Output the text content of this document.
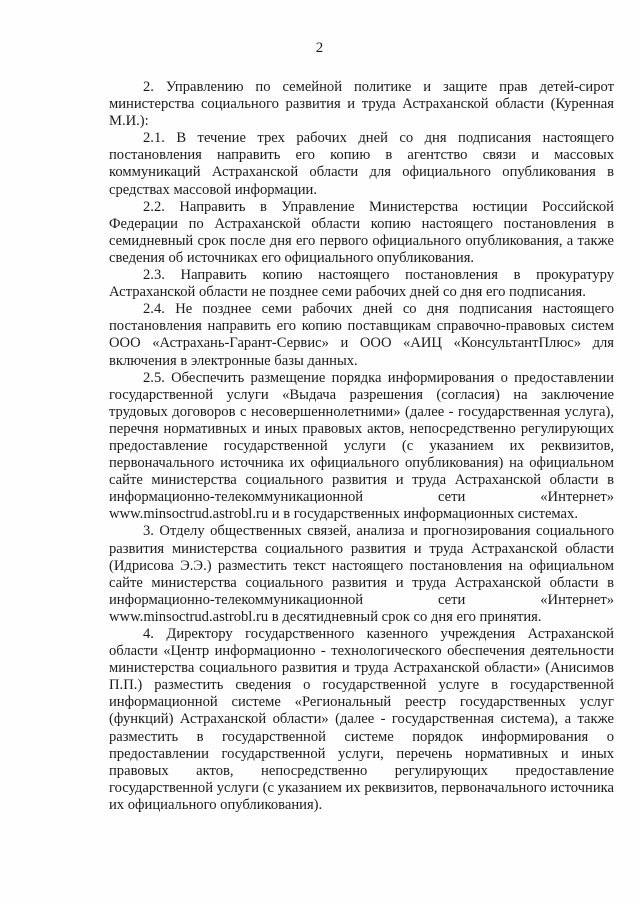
2

2. Управлению по семейной политике и защите прав детей-сирот министерства социального развития и труда Астраханской области (Куренная М.И.):

2.1. В течение трех рабочих дней со дня подписания настоящего постановления направить его копию в агентство связи и массовых коммуникаций Астраханской области для официального опубликования в средствах массовой информации.

2.2. Направить в Управление Министерства юстиции Российской Федерации по Астраханской области копию настоящего постановления в семидневный срок после дня его первого официального опубликования, а также сведения об источниках его официального опубликования.

2.3. Направить копию настоящего постановления в прокуратуру Астраханской области не позднее семи рабочих дней со дня его подписания.

2.4. Не позднее семи рабочих дней со дня подписания настоящего постановления направить его копию поставщикам справочно-правовых систем ООО «Астрахань-Гарант-Сервис» и ООО «АИЦ «КонсультантПлюс» для включения в электронные базы данных.

2.5. Обеспечить размещение порядка информирования о предоставлении государственной услуги «Выдача разрешения (согласия) на заключение трудовых договоров с несовершеннолетними» (далее - государственная услуга), перечня нормативных и иных правовых актов, непосредственно регулирующих предоставление государственной услуги (с указанием их реквизитов, первоначального источника их официального опубликования) на официальном сайте министерства социального развития и труда Астраханской области в информационно-телекоммуникационной сети «Интернет» www.minsoctrud.astrobl.ru и в государственных информационных системах.

3. Отделу общественных связей, анализа и прогнозирования социального развития министерства социального развития и труда Астраханской области (Идрисова Э.Э.) разместить текст настоящего постановления на официальном сайте министерства социального развития и труда Астраханской области в информационно-телекоммуникационной сети «Интернет» www.minsoctrud.astrobl.ru в десятидневный срок со дня его принятия.

4. Директору государственного казенного учреждения Астраханской области «Центр информационно - технологического обеспечения деятельности министерства социального развития и труда Астраханской области» (Анисимов П.П.) разместить сведения о государственной услуге в государственной информационной системе «Региональный реестр государственных услуг (функций) Астраханской области» (далее - государственная система), а также разместить в государственной системе порядок информирования о предоставлении государственной услуги, перечень нормативных и иных правовых актов, непосредственно регулирующих предоставление государственной услуги (с указанием их реквизитов, первоначального источника их официального опубликования).
